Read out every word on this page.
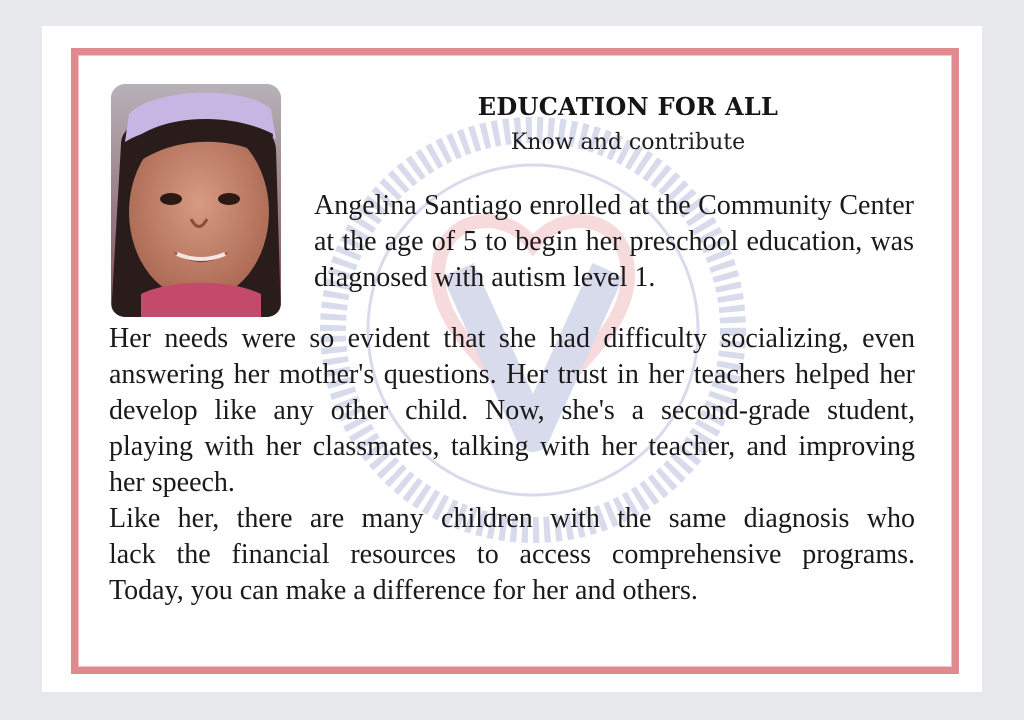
EDUCATION FOR ALL
Know and contribute

Angelina Santiago enrolled at the Community Center at the age of 5 to begin her preschool education, was diagnosed with autism level 1.

Her needs were so evident that she had difficulty socializing, even answering her mother's questions. Her trust in her teachers helped her develop like any other child. Now, she's a second-grade student, playing with her classmates, talking with her teacher, and improving her speech.

Like her, there are many children with the same diagnosis who
lack the financial resources to access comprehensive programs.
Today, you can make a difference for her and others.
